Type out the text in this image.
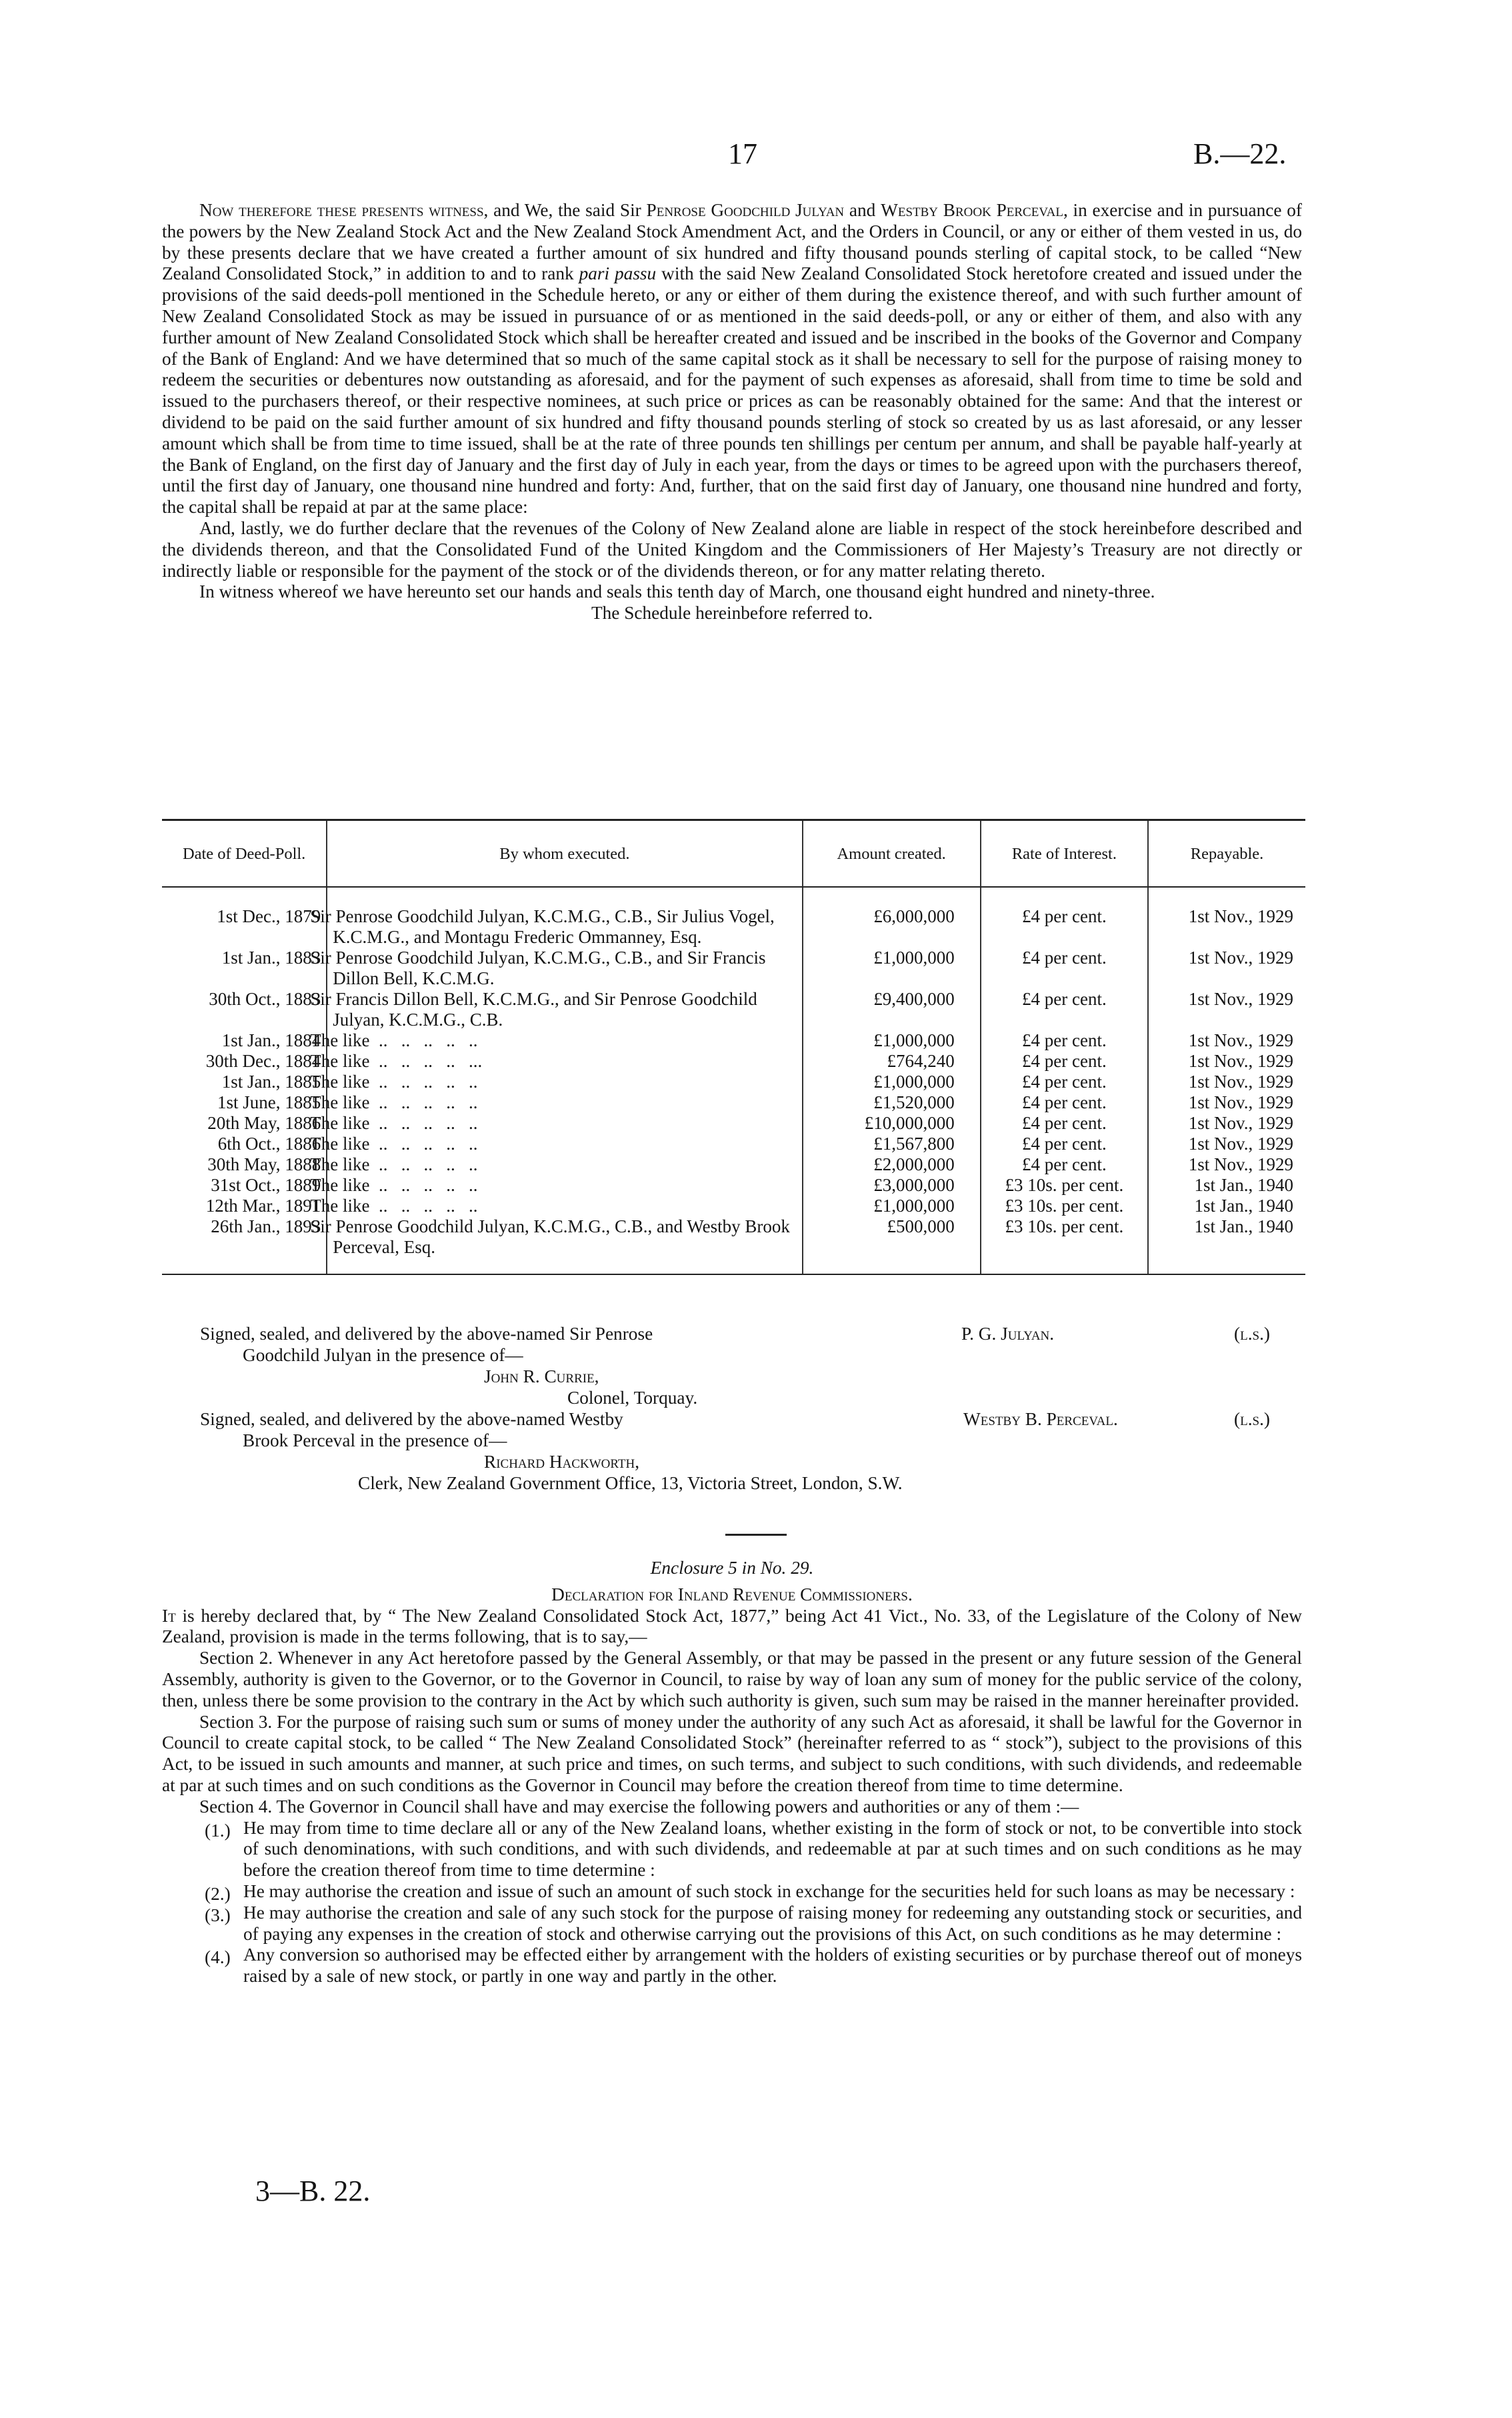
17	B.—22.

Now therefore these presents witness, and We, the said Sir Penrose Goodchild Julyan and Westby Brook Perceval, in exercise and in pursuance of the powers by the New Zealand Stock Act and the New Zealand Stock Amendment Act, and the Orders in Council, or any or either of them vested in us, do by these presents declare that we have created a further amount of six hundred and fifty thousand pounds sterling of capital stock, to be called “New Zealand Consolidated Stock,” in addition to and to rank pari passu with the said New Zealand Consolidated Stock heretofore created and issued under the provisions of the said deeds-poll mentioned in the Schedule hereto, or any or either of them during the existence thereof, and with such further amount of New Zealand Consolidated Stock as may be issued in pursuance of or as mentioned in the said deeds-poll, or any or either of them, and also with any further amount of New Zealand Consolidated Stock which shall be hereafter created and issued and be inscribed in the books of the Governor and Company of the Bank of England: And we have determined that so much of the same capital stock as it shall be necessary to sell for the purpose of raising money to redeem the securities or debentures now outstanding as aforesaid, and for the payment of such expenses as aforesaid, shall from time to time be sold and issued to the purchasers thereof, or their respective nominees, at such price or prices as can be reasonably obtained for the same: And that the interest or dividend to be paid on the said further amount of six hundred and fifty thousand pounds sterling of stock so created by us as last aforesaid, or any lesser amount which shall be from time to time issued, shall be at the rate of three pounds ten shillings per centum per annum, and shall be payable half-yearly at the Bank of England, on the first day of January and the first day of July in each year, from the days or times to be agreed upon with the purchasers thereof, until the first day of January, one thousand nine hundred and forty: And, further, that on the said first day of January, one thousand nine hundred and forty, the capital shall be repaid at par at the same place:

And, lastly, we do further declare that the revenues of the Colony of New Zealand alone are liable in respect of the stock hereinbefore described and the dividends thereon, and that the Consolidated Fund of the United Kingdom and the Commissioners of Her Majesty’s Treasury are not directly or indirectly liable or responsible for the payment of the stock or of the dividends thereon, or for any matter relating thereto.

In witness whereof we have hereunto set our hands and seals this tenth day of March, one thousand eight hundred and ninety-three.

The Schedule hereinbefore referred to.

Date of Deed-Poll.	By whom executed.	Amount created.	Rate of Interest.	Repayable.
1st Dec., 1879	Sir Penrose Goodchild Julyan, K.C.M.G., C.B., Sir Julius Vogel, K.C.M.G., and Montagu Frederic Ommanney, Esq.	£6,000,000	£4 per cent.	1st Nov., 1929
1st Jan., 1883	Sir Penrose Goodchild Julyan, K.C.M.G., C.B., and Sir Francis Dillon Bell, K.C.M.G.	£1,000,000	£4 per cent.	1st Nov., 1929
30th Oct., 1883	Sir Francis Dillon Bell, K.C.M.G., and Sir Penrose Goodchild Julyan, K.C.M.G., C.B.	£9,400,000	£4 per cent.	1st Nov., 1929
1st Jan., 1884	The like  ..   ..   ..   ..   ..	£1,000,000	£4 per cent.	1st Nov., 1929
30th Dec., 1884	The like  ..   ..   ..   ..   ...	£764,240	£4 per cent.	1st Nov., 1929
1st Jan., 1885	The like  ..   ..   ..   ..   ..	£1,000,000	£4 per cent.	1st Nov., 1929
1st June, 1885	The like  ..   ..   ..   ..   ..	£1,520,000	£4 per cent.	1st Nov., 1929
20th May, 1886	The like  ..   ..   ..   ..   ..	£10,000,000	£4 per cent.	1st Nov., 1929
6th Oct., 1886	The like  ..   ..   ..   ..   ..	£1,567,800	£4 per cent.	1st Nov., 1929
30th May, 1888	The like  ..   ..   ..   ..   ..	£2,000,000	£4 per cent.	1st Nov., 1929
31st Oct., 1889	The like  ..   ..   ..   ..   ..	£3,000,000	£3 10s. per cent.	1st Jan., 1940
12th Mar., 1891	The like  ..   ..   ..   ..   ..	£1,000,000	£3 10s. per cent.	1st Jan., 1940
26th Jan., 1893	Sir Penrose Goodchild Julyan, K.C.M.G., C.B., and Westby Brook Perceval, Esq.	£500,000	£3 10s. per cent.	1st Jan., 1940
Signed, sealed, and delivered by the above-named Sir Penrose
Goodchild Julyan in the presence of—
John R. Currie,
Colonel, Torquay.
P. G. Julyan.	(l.s.)
Signed, sealed, and delivered by the above-named Westby
Brook Perceval in the presence of—
Richard Hackworth,
Clerk, New Zealand Government Office, 13, Victoria Street, London, S.W.
Westby B. Perceval.	(l.s.)

Enclosure 5 in No. 29.

Declaration for Inland Revenue Commissioners.

It is hereby declared that, by “ The New Zealand Consolidated Stock Act, 1877,” being Act 41 Vict., No. 33, of the Legislature of the Colony of New Zealand, provision is made in the terms following, that is to say,—

Section 2. Whenever in any Act heretofore passed by the General Assembly, or that may be passed in the present or any future session of the General Assembly, authority is given to the Governor, or to the Governor in Council, to raise by way of loan any sum of money for the public service of the colony, then, unless there be some provision to the contrary in the Act by which such authority is given, such sum may be raised in the manner hereinafter provided.

Section 3. For the purpose of raising such sum or sums of money under the authority of any such Act as aforesaid, it shall be lawful for the Governor in Council to create capital stock, to be called “ The New Zealand Consolidated Stock” (hereinafter referred to as “ stock”), subject to the provisions of this Act, to be issued in such amounts and manner, at such price and times, on such terms, and subject to such conditions, with such dividends, and redeemable at par at such times and on such conditions as the Governor in Council may before the creation thereof from time to time determine.

Section 4. The Governor in Council shall have and may exercise the following powers and authorities or any of them :—

(1.) He may from time to time declare all or any of the New Zealand loans, whether existing in the form of stock or not, to be convertible into stock of such denominations, with such conditions, and with such dividends, and redeemable at par at such times and on such conditions as he may before the creation thereof from time to time determine :
(2.) He may authorise the creation and issue of such an amount of such stock in exchange for the securities held for such loans as may be necessary :
(3.) He may authorise the creation and sale of any such stock for the purpose of raising money for redeeming any outstanding stock or securities, and of paying any expenses in the creation of stock and otherwise carrying out the provisions of this Act, on such conditions as he may determine :
(4.) Any conversion so authorised may be effected either by arrangement with the holders of existing securities or by purchase thereof out of moneys raised by a sale of new stock, or partly in one way and partly in the other.
3—B. 22.
